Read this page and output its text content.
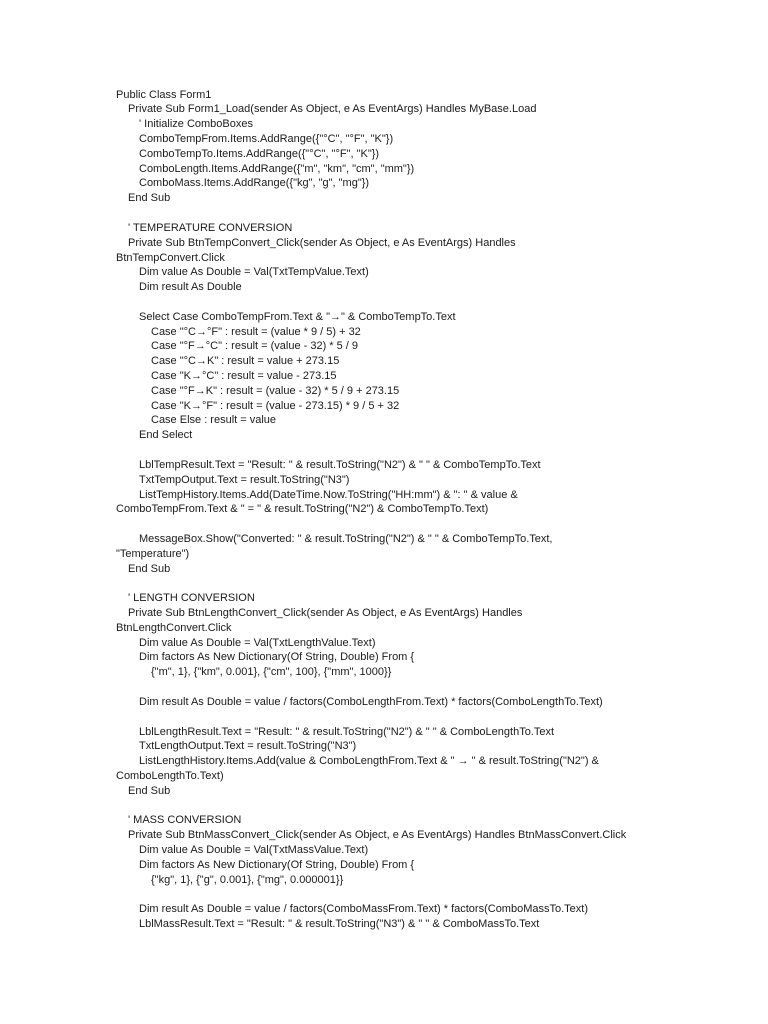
Public Class Form1
Private Sub Form1_Load(sender As Object, e As EventArgs) Handles MyBase.Load
' Initialize ComboBoxes
ComboTempFrom.Items.AddRange({"°C", "°F", "K"})
ComboTempTo.Items.AddRange({"°C", "°F", "K"})
ComboLength.Items.AddRange({"m", "km", "cm", "mm"})
ComboMass.Items.AddRange({"kg", "g", "mg"})
End Sub
' TEMPERATURE CONVERSION
Private Sub BtnTempConvert_Click(sender As Object, e As EventArgs) Handles
BtnTempConvert.Click
Dim value As Double = Val(TxtTempValue.Text)
Dim result As Double
Select Case ComboTempFrom.Text & "→" & ComboTempTo.Text
Case "°C→°F" : result = (value * 9 / 5) + 32
Case "°F→°C" : result = (value - 32) * 5 / 9
Case "°C→K" : result = value + 273.15
Case "K→°C" : result = value - 273.15
Case "°F→K" : result = (value - 32) * 5 / 9 + 273.15
Case "K→°F" : result = (value - 273.15) * 9 / 5 + 32
Case Else : result = value
End Select
LblTempResult.Text = "Result: " & result.ToString("N2") & " " & ComboTempTo.Text
TxtTempOutput.Text = result.ToString("N3")
ListTempHistory.Items.Add(DateTime.Now.ToString("HH:mm") & ": " & value &
ComboTempFrom.Text & " = " & result.ToString("N2") & ComboTempTo.Text)
MessageBox.Show("Converted: " & result.ToString("N2") & " " & ComboTempTo.Text,
"Temperature")
End Sub
' LENGTH CONVERSION
Private Sub BtnLengthConvert_Click(sender As Object, e As EventArgs) Handles
BtnLengthConvert.Click
Dim value As Double = Val(TxtLengthValue.Text)
Dim factors As New Dictionary(Of String, Double) From {
{"m", 1}, {"km", 0.001}, {"cm", 100}, {"mm", 1000}}
Dim result As Double = value / factors(ComboLengthFrom.Text) * factors(ComboLengthTo.Text)
LblLengthResult.Text = "Result: " & result.ToString("N2") & " " & ComboLengthTo.Text
TxtLengthOutput.Text = result.ToString("N3")
ListLengthHistory.Items.Add(value & ComboLengthFrom.Text & " → " & result.ToString("N2") &
ComboLengthTo.Text)
End Sub
' MASS CONVERSION
Private Sub BtnMassConvert_Click(sender As Object, e As EventArgs) Handles BtnMassConvert.Click
Dim value As Double = Val(TxtMassValue.Text)
Dim factors As New Dictionary(Of String, Double) From {
{"kg", 1}, {"g", 0.001}, {"mg", 0.000001}}
Dim result As Double = value / factors(ComboMassFrom.Text) * factors(ComboMassTo.Text)
LblMassResult.Text = "Result: " & result.ToString("N3") & " " & ComboMassTo.Text
